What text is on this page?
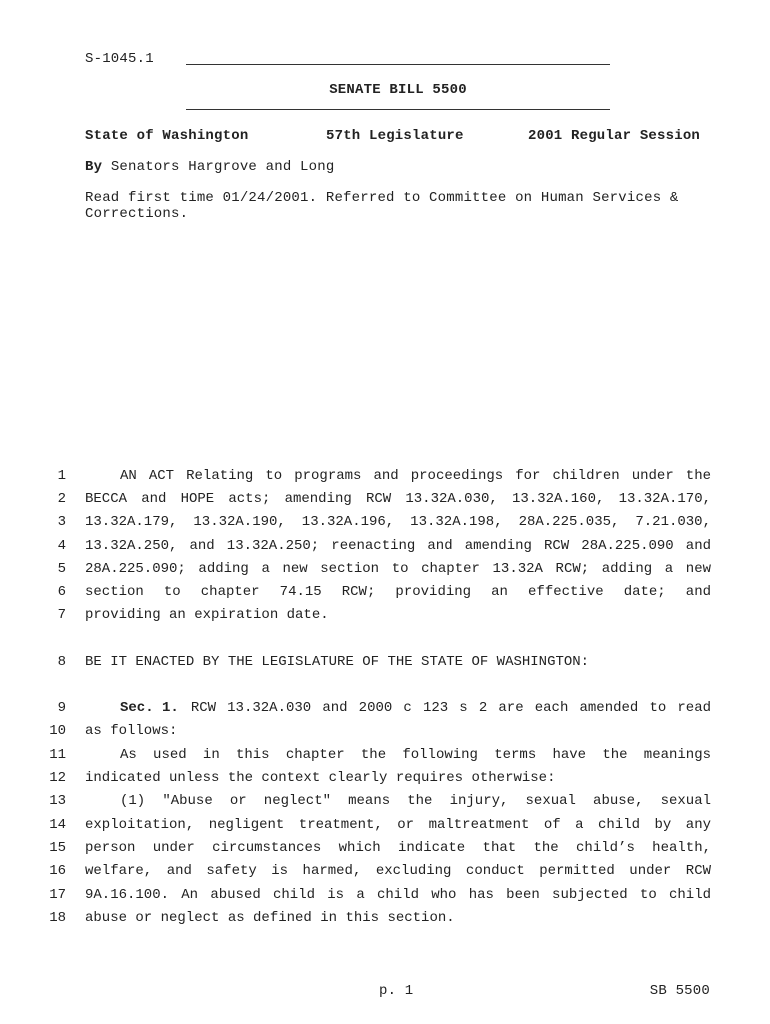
S-1045.1
SENATE BILL 5500
State of Washington	57th Legislature	2001 Regular Session
By Senators Hargrove and Long
Read first time 01/24/2001. Referred to Committee on Human Services &
Corrections.
1	AN ACT Relating to programs and proceedings for children under the
2 BECCA and HOPE acts; amending RCW 13.32A.030, 13.32A.160, 13.32A.170,
3 13.32A.179, 13.32A.190, 13.32A.196, 13.32A.198, 28A.225.035, 7.21.030,
4 13.32A.250, and 13.32A.250; reenacting and amending RCW 28A.225.090 and
5 28A.225.090; adding a new section to chapter 13.32A RCW; adding a new
6 section to chapter 74.15 RCW; providing an effective date; and
7 providing an expiration date.
8 BE IT ENACTED BY THE LEGISLATURE OF THE STATE OF WASHINGTON:
9	Sec. 1. RCW 13.32A.030 and 2000 c 123 s 2 are each amended to read
10 as follows:
11	As used in this chapter the following terms have the meanings
12 indicated unless the context clearly requires otherwise:
13	(1) "Abuse or neglect" means the injury, sexual abuse, sexual
14 exploitation, negligent treatment, or maltreatment of a child by any
15 person under circumstances which indicate that the child’s health,
16 welfare, and safety is harmed, excluding conduct permitted under RCW
17 9A.16.100. An abused child is a child who has been subjected to child
18 abuse or neglect as defined in this section.
p. 1	SB 5500
